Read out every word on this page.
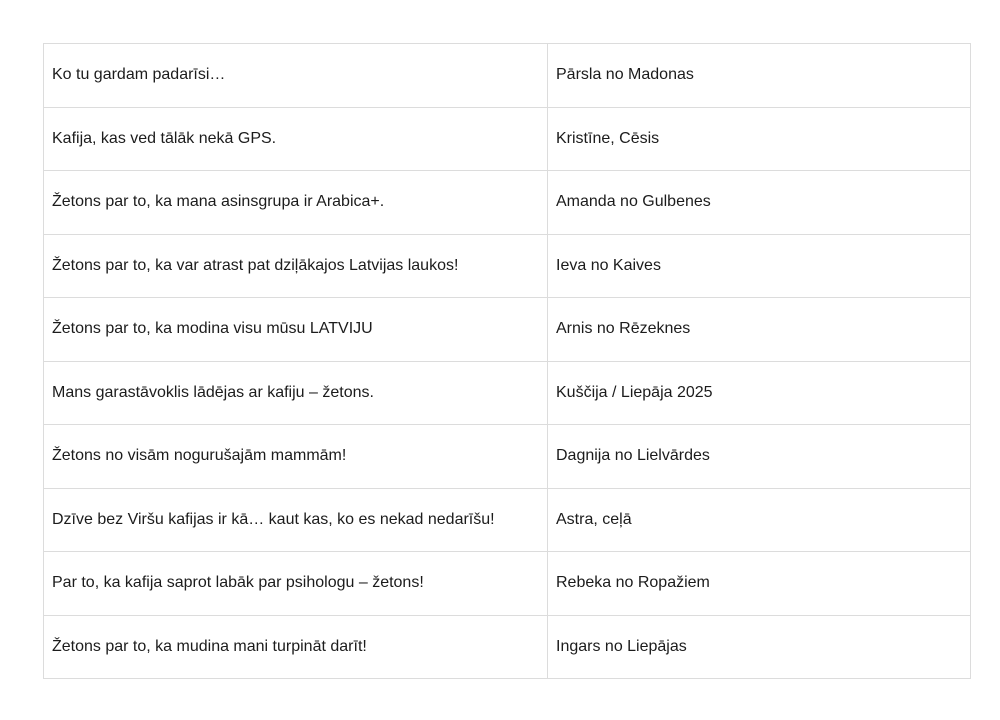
Ko tu gardam padarīsi…	Pārsla no Madonas
Kafija, kas ved tālāk nekā GPS.	Kristīne, Cēsis
Žetons par to, ka mana asinsgrupa ir Arabica+.	Amanda no Gulbenes
Žetons par to, ka var atrast pat dziļākajos Latvijas laukos!	Ieva no Kaives
Žetons par to, ka modina visu mūsu LATVIJU	Arnis no Rēzeknes
Mans garastāvoklis lādējas ar kafiju – žetons.	Kuščija / Liepāja 2025
Žetons no visām nogurušajām mammām!	Dagnija no Lielvārdes
Dzīve bez Viršu kafijas ir kā… kaut kas, ko es nekad nedarīšu!	Astra, ceļā
Par to, ka kafija saprot labāk par psihologu – žetons!	Rebeka no Ropažiem
Žetons par to, ka mudina mani turpināt darīt!	Ingars no Liepājas
